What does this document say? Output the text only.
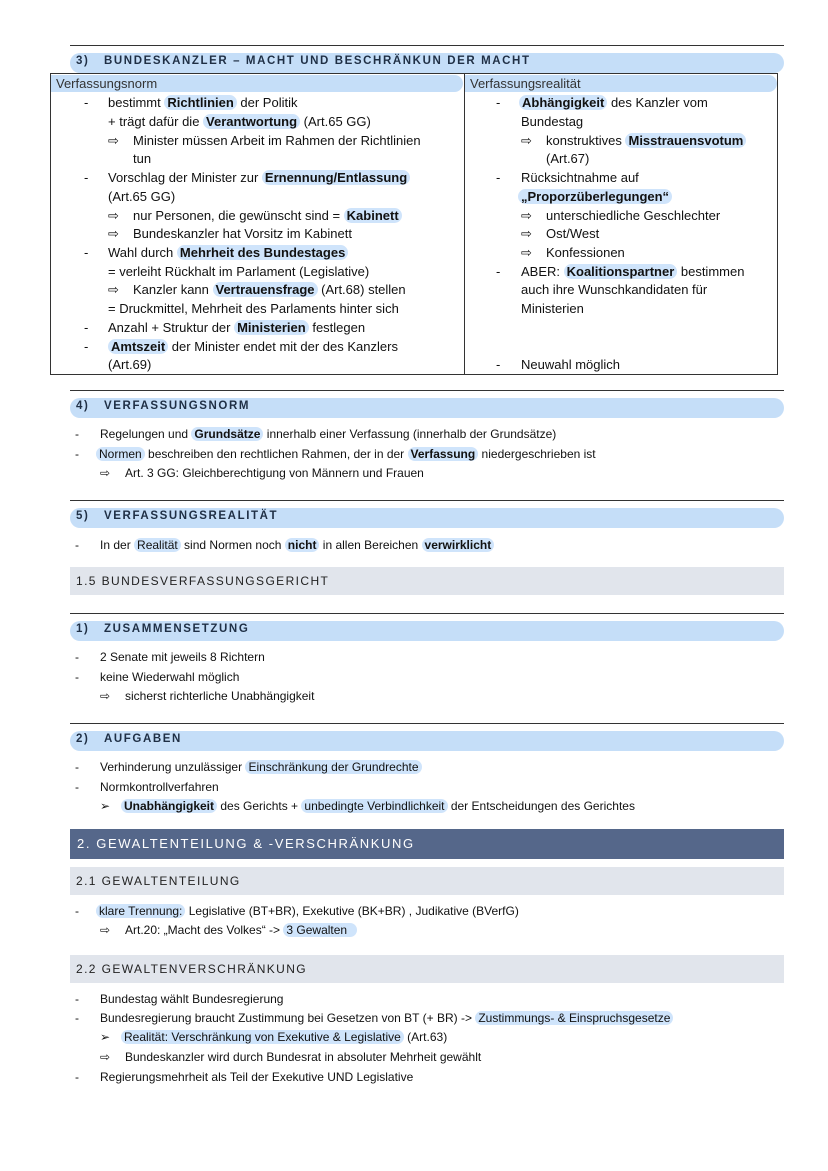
3) BUNDESKANZLER – MACHT UND BESCHRÄNKUN DER MACHT
Verfassungsnorm	Verfassungsrealität
- bestimmt Richtlinien der Politik
+ trägt dafür die Verantwortung (Art.65 GG)
⇨ Minister müssen Arbeit im Rahmen der Richtlinien
tun
- Vorschlag der Minister zur Ernennung/Entlassung
(Art.65 GG)
⇨ nur Personen, die gewünscht sind = Kabinett
⇨ Bundeskanzler hat Vorsitz im Kabinett
- Wahl durch Mehrheit des Bundestages
= verleiht Rückhalt im Parlament (Legislative)
⇨ Kanzler kann Vertrauensfrage (Art.68) stellen
= Druckmittel, Mehrheit des Parlaments hinter sich
- Anzahl + Struktur der Ministerien festlegen
- Amtszeit der Minister endet mit der des Kanzlers
(Art.69)
- Abhängigkeit des Kanzler vom
Bundestag
⇨ konstruktives Misstrauensvotum
(Art.67)
- Rücksichtnahme auf
„Proporzüberlegungen“
⇨ unterschiedliche Geschlechter
⇨ Ost/West
⇨ Konfessionen
- ABER: Koalitionspartner bestimmen
auch ihre Wunschkandidaten für
Ministerien
- Neuwahl möglich
4) VERFASSUNGSNORM
- Regelungen und Grundsätze innerhalb einer Verfassung (innerhalb der Grundsätze)
- Normen beschreiben den rechtlichen Rahmen, der in der Verfassung niedergeschrieben ist
⇨ Art. 3 GG: Gleichberechtigung von Männern und Frauen
5) VERFASSUNGSREALITÄT
- In der Realität sind Normen noch nicht in allen Bereichen verwirklicht
1.5 BUNDESVERFASSUNGSGERICHT
1) ZUSAMMENSETZUNG
- 2 Senate mit jeweils 8 Richtern
- keine Wiederwahl möglich
⇨ sicherst richterliche Unabhängigkeit
2) AUFGABEN
- Verhinderung unzulässiger Einschränkung der Grundrechte
- Normkontrollverfahren
➢ Unabhängigkeit des Gerichts + unbedingte Verbindlichkeit der Entscheidungen des Gerichtes
2. GEWALTENTEILUNG & -VERSCHRÄNKUNG
2.1 GEWALTENTEILUNG
- klare Trennung: Legislative (BT+BR), Exekutive (BK+BR) , Judikative (BVerfG)
⇨ Art.20: „Macht des Volkes“ -> 3 Gewalten
2.2 GEWALTENVERSCHRÄNKUNG
- Bundestag wählt Bundesregierung
- Bundesregierung braucht Zustimmung bei Gesetzen von BT (+ BR) -> Zustimmungs- & Einspruchsgesetze
➢ Realität: Verschränkung von Exekutive & Legislative (Art.63)
⇨ Bundeskanzler wird durch Bundesrat in absoluter Mehrheit gewählt
- Regierungsmehrheit als Teil der Exekutive UND Legislative
